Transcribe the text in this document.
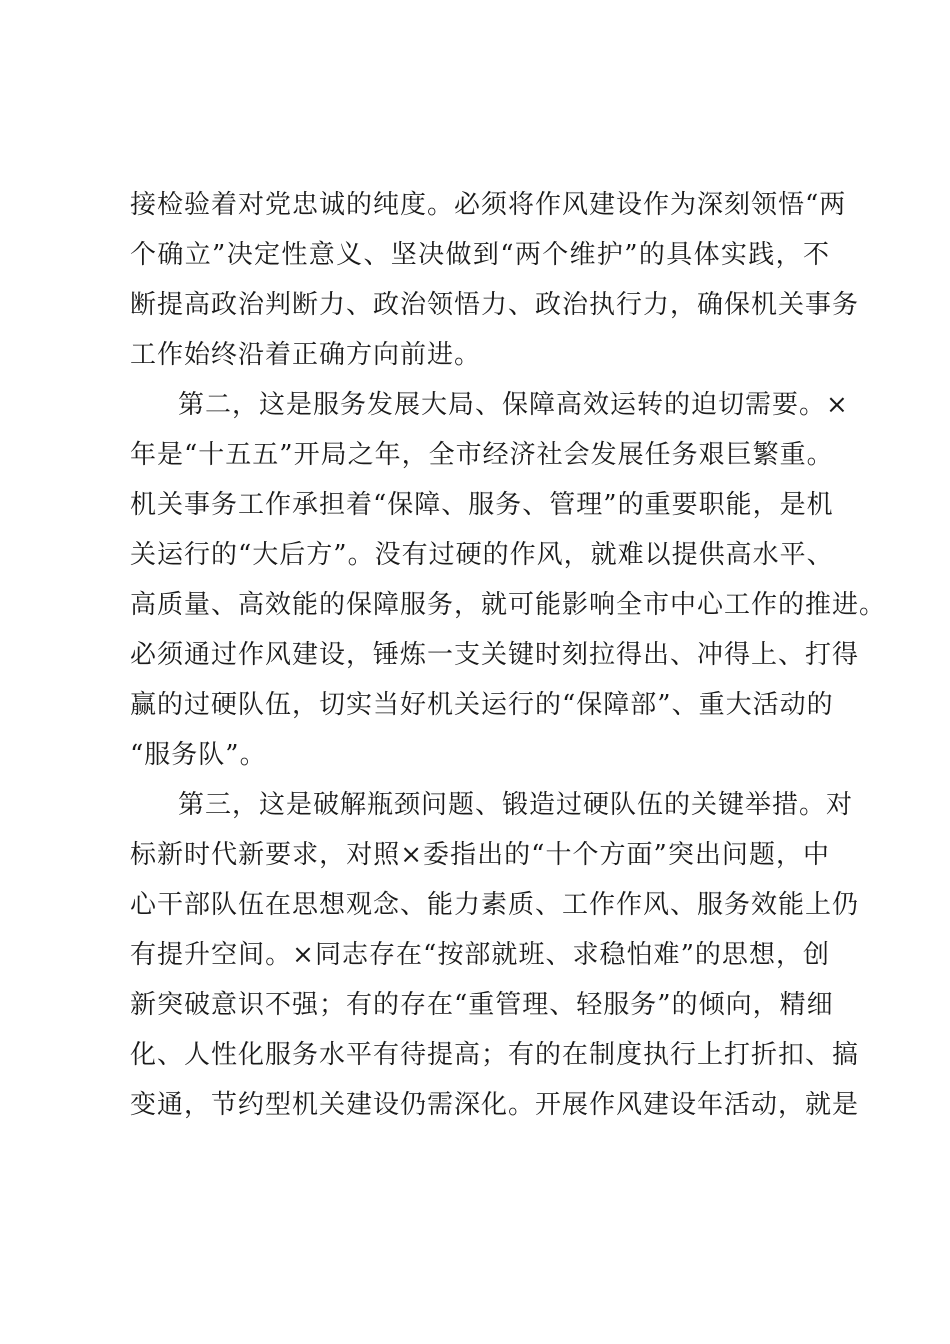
接检验着对党忠诚的纯度。必须将作风建设作为深刻领悟“两
个确立”决定性意义、坚决做到“两个维护”的具体实践，不
断提高政治判断力、政治领悟力、政治执行力，确保机关事务
工作始终沿着正确方向前进。
第二，这是服务发展大局、保障高效运转的迫切需要。×
年是“十五五”开局之年，全市经济社会发展任务艰巨繁重。
机关事务工作承担着“保障、服务、管理”的重要职能，是机
关运行的“大后方”。没有过硬的作风，就难以提供高水平、
高质量、高效能的保障服务，就可能影响全市中心工作的推进。
必须通过作风建设，锤炼一支关键时刻拉得出、冲得上、打得
赢的过硬队伍，切实当好机关运行的“保障部”、重大活动的
“服务队”。
第三，这是破解瓶颈问题、锻造过硬队伍的关键举措。对
标新时代新要求，对照×委指出的“十个方面”突出问题，中
心干部队伍在思想观念、能力素质、工作作风、服务效能上仍
有提升空间。×同志存在“按部就班、求稳怕难”的思想，创
新突破意识不强；有的存在“重管理、轻服务”的倾向，精细
化、人性化服务水平有待提高；有的在制度执行上打折扣、搞
变通，节约型机关建设仍需深化。开展作风建设年活动，就是
